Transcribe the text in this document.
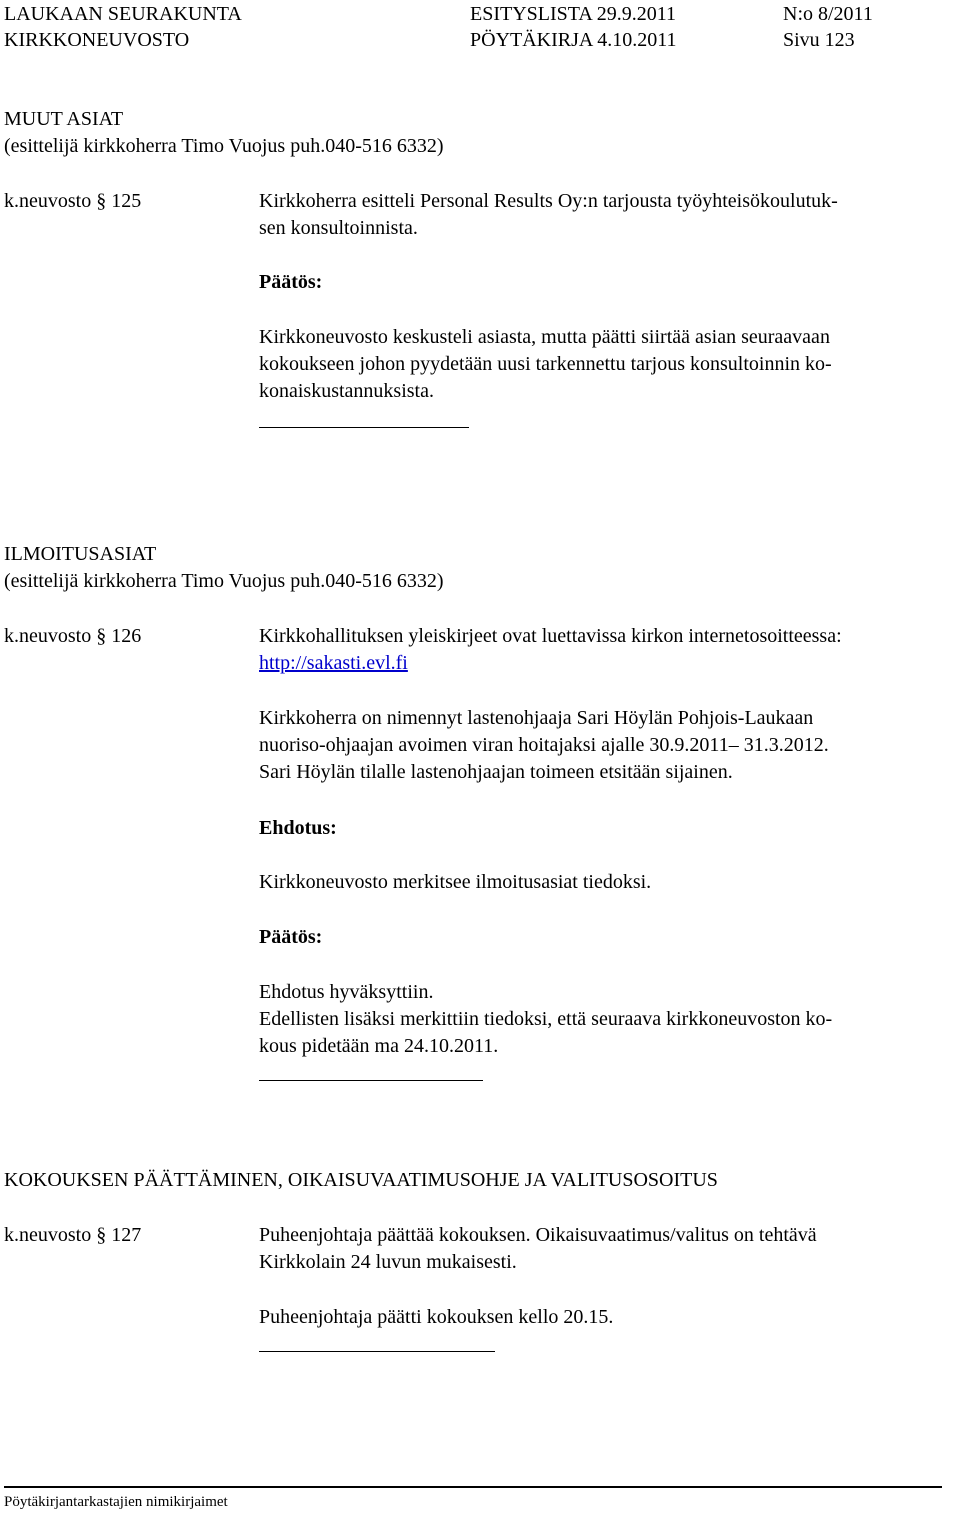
LAUKAAN SEURAKUNTA	ESITYSLISTA 29.9.2011	N:o 8/2011
KIRKKONEUVOSTO	PÖYTÄKIRJA 4.10.2011	Sivu 123
MUUT ASIAT
(esittelijä kirkkoherra Timo Vuojus puh.040-516 6332)
k.neuvosto § 125	Kirkkoherra esitteli Personal Results Oy:n tarjousta työyhteisökoulutuk-
sen konsultoinnista.
Päätös:
Kirkkoneuvosto keskusteli asiasta, mutta päätti siirtää asian seuraavaan
kokoukseen johon pyydetään uusi tarkennettu tarjous konsultoinnin ko-
konaiskustannuksista.
ILMOITUSASIAT
(esittelijä kirkkoherra Timo Vuojus puh.040-516 6332)
k.neuvosto § 126	Kirkkohallituksen yleiskirjeet ovat luettavissa kirkon internetosoitteessa:
http://sakasti.evl.fi
Kirkkoherra on nimennyt lastenohjaaja Sari Höylän Pohjois-Laukaan
nuoriso-ohjaajan avoimen viran hoitajaksi ajalle 30.9.2011– 31.3.2012.
Sari Höylän tilalle lastenohjaajan toimeen etsitään sijainen.
Ehdotus:
Kirkkoneuvosto merkitsee ilmoitusasiat tiedoksi.
Päätös:
Ehdotus hyväksyttiin.
Edellisten lisäksi merkittiin tiedoksi, että seuraava kirkkoneuvoston ko-
kous pidetään ma 24.10.2011.
KOKOUKSEN PÄÄTTÄMINEN, OIKAISUVAATIMUSOHJE JA VALITUSOSOITUS
k.neuvosto § 127	Puheenjohtaja päättää kokouksen. Oikaisuvaatimus/valitus on tehtävä
Kirkkolain 24 luvun mukaisesti.
Puheenjohtaja päätti kokouksen kello 20.15.
Pöytäkirjantarkastajien nimikirjaimet
